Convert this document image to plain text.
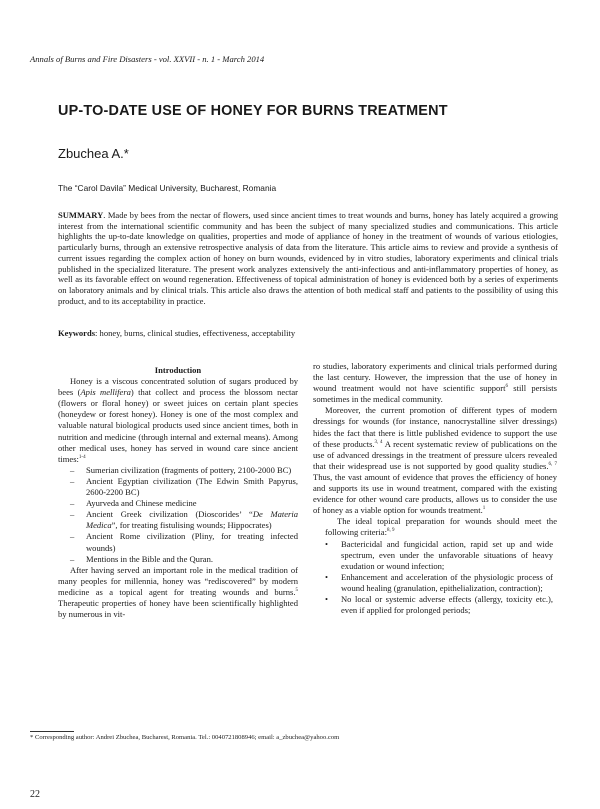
Annals of Burns and Fire Disasters - vol. XXVII - n. 1 - March 2014
UP-TO-DATE USE OF HONEY FOR BURNS TREATMENT
Zbuchea A.*
The “Carol Davila” Medical University, Bucharest, Romania
SUMMARY. Made by bees from the nectar of flowers, used since ancient times to treat wounds and burns, honey has lately acquired a growing interest from the international scientific community and has been the subject of many specialized studies and communications. This article highlights the up-to-date knowledge on qualities, properties and mode of appliance of honey in the treatment of wounds of various etiologies, particularly burns, through an extensive retrospective analysis of data from the literature. This article aims to review and provide a synthesis of current issues regarding the complex action of honey on burn wounds, evidenced by in vitro studies, laboratory experiments and clinical trials published in the specialized literature. The present work analyzes extensively the anti-infectious and anti-inflammatory properties of honey, as well as its favorable effect on wound regeneration. Effectiveness of topical administration of honey is evidenced both by a series of experiments on laboratory animals and by clinical trials. This article also draws the attention of both medical staff and patients to the possibility of using this product, and to its acceptability in practice.
Keywords: honey, burns, clinical studies, effectiveness, acceptability

Introduction

Honey is a viscous concentrated solution of sugars produced by bees (Apis mellifera) that collect and process the blossom nectar (flowers or floral honey) or sweet juices on certain plant species (honeydew or forest honey). Honey is one of the most complex and valuable natural biological products used since ancient times, both in nutrition and medicine (through internal and external means). Among other medical uses, honey has served in wound care since ancient times:$^{1-4}$

– Sumerian civilization (fragments of pottery, 2100-2000 BC)
– Ancient Egyptian civilization (The Edwin Smith Papyrus, 2600-2200 BC)
– Ayurveda and Chinese medicine
– Ancient Greek civilization (Dioscorides’ “De Materia Medica”, for treating fistulising wounds; Hippocrates)
– Ancient Rome civilization (Pliny, for treating infected wounds)
– Mentions in the Bible and the Quran.

After having served an important role in the medical tradition of many peoples for millennia, honey was “rediscovered” by modern medicine as a topical agent for treating wounds and burns.$^5$ Therapeutic properties of honey have been scientifically highlighted by numerous in vit-

ro studies, laboratory experiments and clinical trials performed during the last century. However, the impression that the use of honey in wound treatment would not have scientific support$^6$ still persists sometimes in the medical community.

Moreover, the current promotion of different types of modern dressings for wounds (for instance, nanocrystalline silver dressings) hides the fact that there is little published evidence to support the use of these products.$^{3, 4}$ A recent systematic review of publications on the use of advanced dressings in the treatment of pressure ulcers revealed that their widespread use is not supported by good quality studies.$^{6, 7}$ Thus, the vast amount of evidence that proves the efficiency of honey and supports its use in wound treatment, compared with the existing evidence for other wound care products, allows us to consider the use of honey as a viable option for wounds treatment.$^1$

The ideal topical preparation for wounds should meet the following criteria:$^{8, 9}$

• Bactericidal and fungicidal action, rapid set up and wide spectrum, even under the unfavorable situations of heavy exudation or wound infection;
• Enhancement and acceleration of the physiologic process of wound healing (granulation, epithelialization, contraction);
• No local or systemic adverse effects (allergy, toxicity etc.), even if applied for prolonged periods;
* Corresponding author: Andrei Zbuchea, Bucharest, Romania. Tel.: 0040721808946; email: a_zbuchea@yahoo.com
22
